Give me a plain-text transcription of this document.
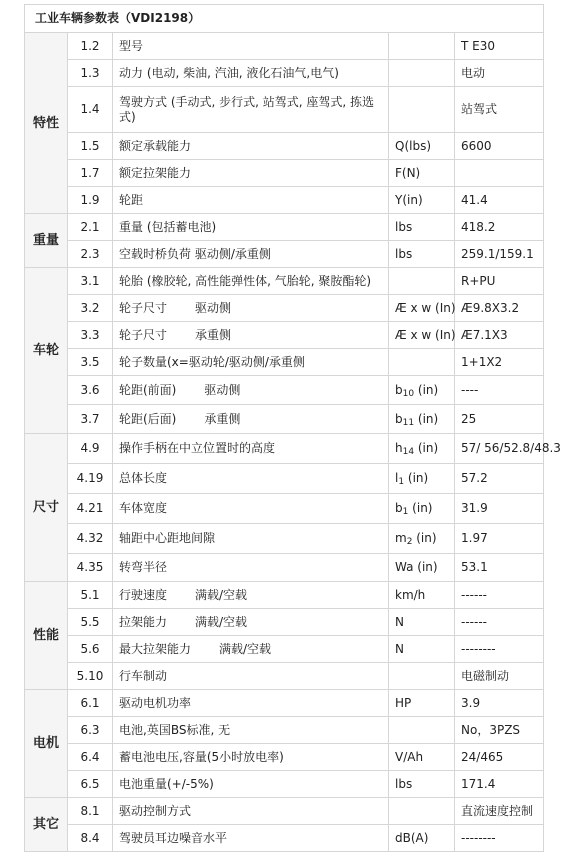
工业车辆参数表（VDI2198）				
特性	1.2	型号		T E30
	1.3	动力 (电动, 柴油, 汽油, 液化石油气,电气)		电动
	1.4	驾驶方式 (手动式, 步行式, 站驾式, 座驾式, 拣选式)		站驾式
	1.5	额定承载能力	Q(lbs)	6600
	1.7	额定拉架能力	F(N)	
	1.9	轮距	Y(in)	41.4
重量	2.1	重量 (包括蓄电池)	lbs	418.2
	2.3	空载时桥负荷 驱动侧/承重侧	lbs	259.1/159.1
车轮	3.1	轮胎 (橡胶轮, 高性能弹性体, 气胎轮, 聚胺酯轮)		R+PU
	3.2	轮子尺寸 驱动侧	Æ x w (In)	Æ9.8X3.2
	3.3	轮子尺寸 承重侧	Æ x w (In)	Æ7.1X3
	3.5	轮子数量(x=驱动轮/驱动侧/承重侧		1+1X2
	3.6	轮距(前面) 驱动侧	$b_{10}$ (in)	----
	3.7	轮距(后面) 承重侧	$b_{11}$ (in)	25
尺寸	4.9	操作手柄在中立位置时的高度	$h_{14}$ (in)	57/ 56/52.8/48.3
	4.19	总体长度	$l_1$ (in)	57.2
	4.21	车体宽度	$b_1$ (in)	31.9
	4.32	轴距中心距地间隙	$m_2$ (in)	1.97
	4.35	转弯半径	Wa (in)	53.1
性能	5.1	行驶速度 满载/空载	km/h	------
	5.5	拉架能力 满载/空载	N	------
	5.6	最大拉架能力 满载/空载	N	--------
	5.10	行车制动		电磁制动
电机	6.1	驱动电机功率	HP	3.9
	6.3	电池,英国BS标准, 无		No，3PZS
	6.4	蓄电池电压,容量(5小时放电率)	V/Ah	24/465
	6.5	电池重量(+/-5%)	lbs	171.4
其它	8.1	驱动控制方式		直流速度控制
	8.4	驾驶员耳边噪音水平	dB(A)	--------
